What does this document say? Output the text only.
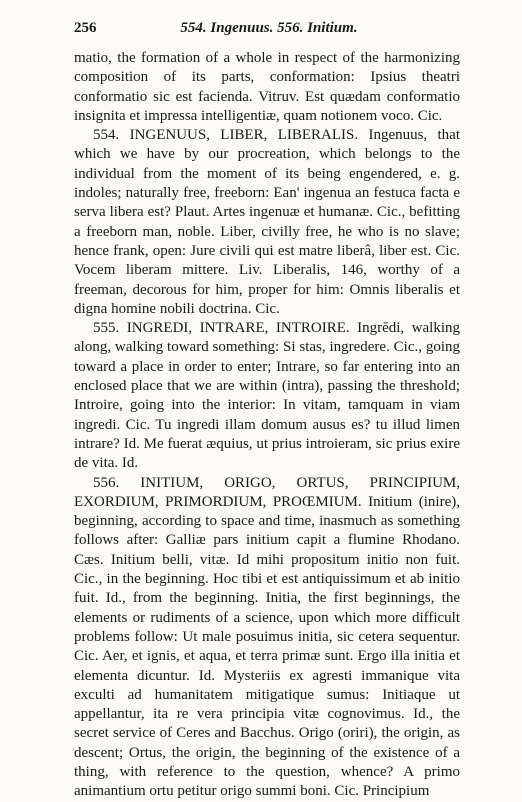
256	554. Ingenuus. 556. Initium.

matio, the formation of a whole in respect of the harmonizing composition of its parts, conformation: Ipsius theatri conformatio sic est facienda. Vitruv. Est quædam conformatio insignita et impressa intelligentiæ, quam notionem voco. Cic.

554. INGENUUS, LIBER, LIBERALIS. Ingenuus, that which we have by our procreation, which belongs to the individual from the moment of its being engendered, e. g. indoles; naturally free, freeborn: Ean' ingenua an festuca facta e serva libera est? Plaut. Artes ingenuæ et humanæ. Cic., befitting a freeborn man, noble. Liber, civilly free, he who is no slave; hence frank, open: Jure civili qui est matre liberâ, liber est. Cic. Vocem liberam mittere. Liv. Liberalis, 146, worthy of a freeman, decorous for him, proper for him: Omnis liberalis et digna homine nobili doctrina. Cic.

555. INGREDI, INTRARE, INTROIRE. Ingrĕdi, walking along, walking toward something: Si stas, ingredere. Cic., going toward a place in order to enter; Intrare, so far entering into an enclosed place that we are within (intra), passing the threshold; Introire, going into the interior: In vitam, tamquam in viam ingredi. Cic. Tu ingredi illam domum ausus es? tu illud limen intrare? Id. Me fuerat æquius, ut prius introieram, sic prius exire de vita. Id.

556. INITIUM, ORIGO, ORTUS, PRINCIPIUM, EXORDIUM, PRIMORDIUM, PROŒMIUM. Initium (inire), beginning, according to space and time, inasmuch as something follows after: Galliæ pars initium capit a flumine Rhodano. Cæs. Initium belli, vitæ. Id mihi propositum initio non fuit. Cic., in the beginning. Hoc tibi et est antiquissimum et ab initio fuit. Id., from the beginning. Initia, the first beginnings, the elements or rudiments of a science, upon which more difficult problems follow: Ut male posuimus initia, sic cetera sequentur. Cic. Aer, et ignis, et aqua, et terra primæ sunt. Ergo illa initia et elementa dicuntur. Id. Mysteriis ex agresti immanique vita exculti ad humanitatem mitigatique sumus: Initiaque ut appellantur, ita re vera principia vitæ cognovimus. Id., the secret service of Ceres and Bacchus. Origo (oriri), the origin, as descent; Ortus, the origin, the beginning of the existence of a thing, with reference to the question, whence? A primo animantium ortu petitur origo summi boni. Cic. Principium
